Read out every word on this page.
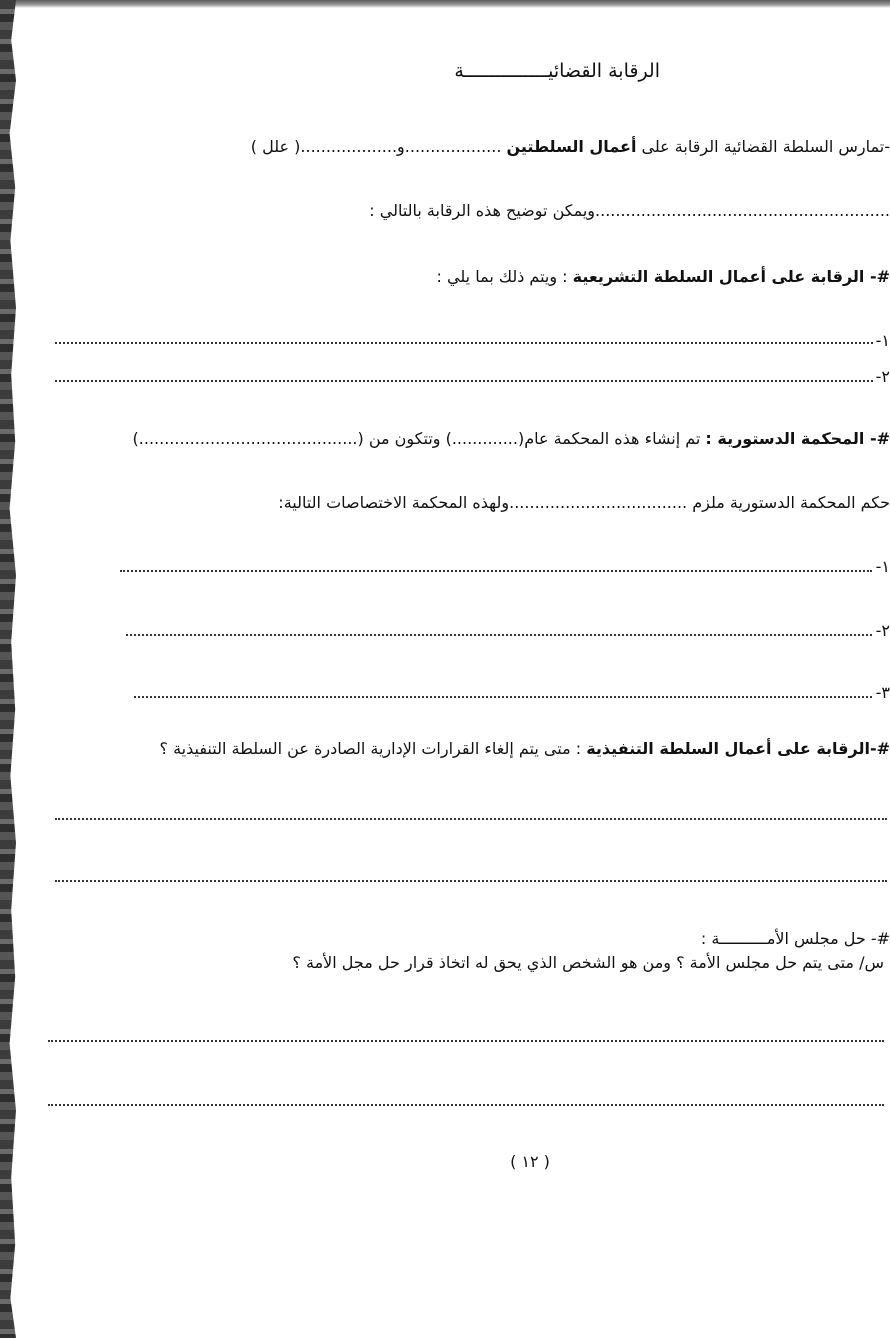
الرقابة القضائيـــــــــــــــة
-تمارس السلطة القضائية الرقابة على أعمال السلطتين ...................و...................( علل )
..........................................................ويمكن توضيح هذه الرقابة بالتالي :
#- الرقابة على أعمال السلطة التشريعية : ويتم ذلك بما يلي :
١-
٢-
#- المحكمة الدستورية : تم إنشاء هذه المحكمة عام(.............) وتتكون من (...........................................)
حكم المحكمة الدستورية ملزم ...................................ولهذه المحكمة الاختصاصات التالية:
١-
٢-
٣-
#-الرقابة على أعمال السلطة التنفيذية : متى يتم إلغاء القرارات الإدارية الصادرة عن السلطة التنفيذية ؟
#- حل مجلس الأمــــــــــة :
س/ متى يتم حل مجلس الأمة ؟ ومن هو الشخص الذي يحق له اتخاذ قرار حل مجل الأمة ؟
( ١٢ )
